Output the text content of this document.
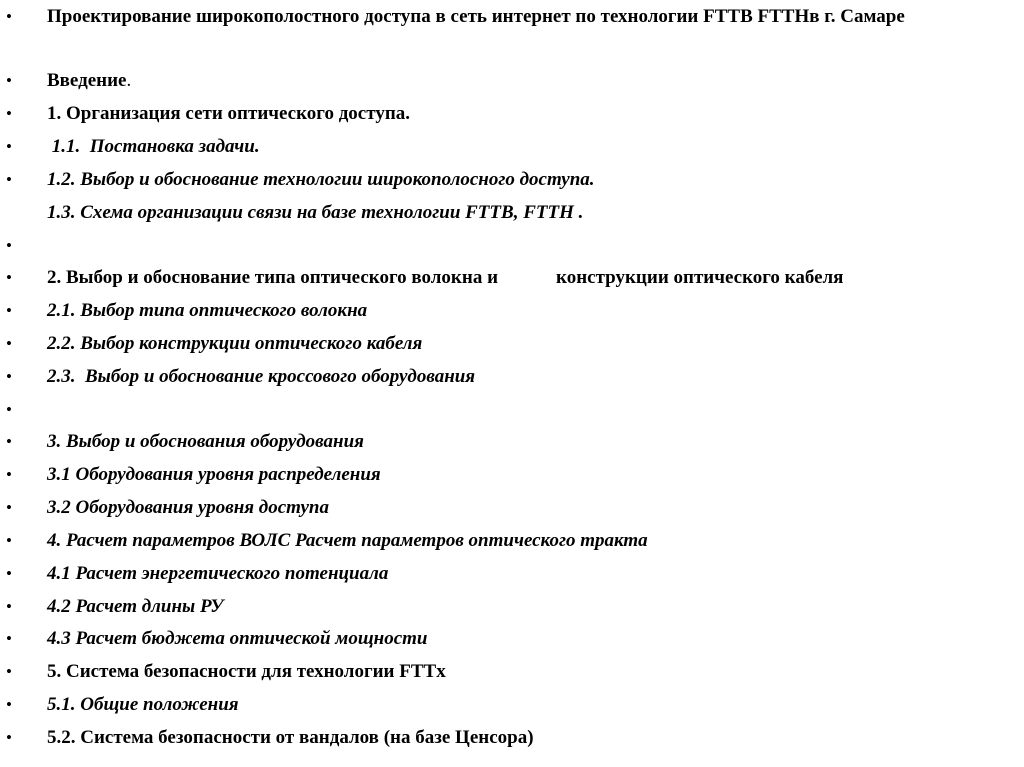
•	Проектирование широкополостного доступа в сеть интернет по технологии FTTB FTTHв г. Самаре
•	Введение.
•	1. Организация сети оптического доступа.
•	1.1.  Постановка задачи.
•	1.2. Выбор и обоснование технологии широкополосного доступа.
1.3. Схема организации связи на базе технологии FTTB, FTTH .
•
•	2. Выбор и обоснование типа оптического волокна и	конструкции оптического кабеля
•	2.1. Выбор типа оптического волокна
•	2.2. Выбор конструкции оптического кабеля
•	2.3.  Выбор и обоснование кроссового оборудования
•
•	3. Выбор и обоснования оборудования
•	3.1 Оборудования уровня распределения
•	3.2 Оборудования уровня доступа
•	4. Расчет параметров ВОЛС Расчет параметров оптического тракта
•	4.1 Расчет энергетического потенциала
•	4.2 Расчет длины РУ
•	4.3 Расчет бюджета оптической мощности
•	5. Система безопасности для технологии FTTx
•	5.1. Общие положения
•	5.2. Система безопасности от вандалов (на базе Ценсора)
